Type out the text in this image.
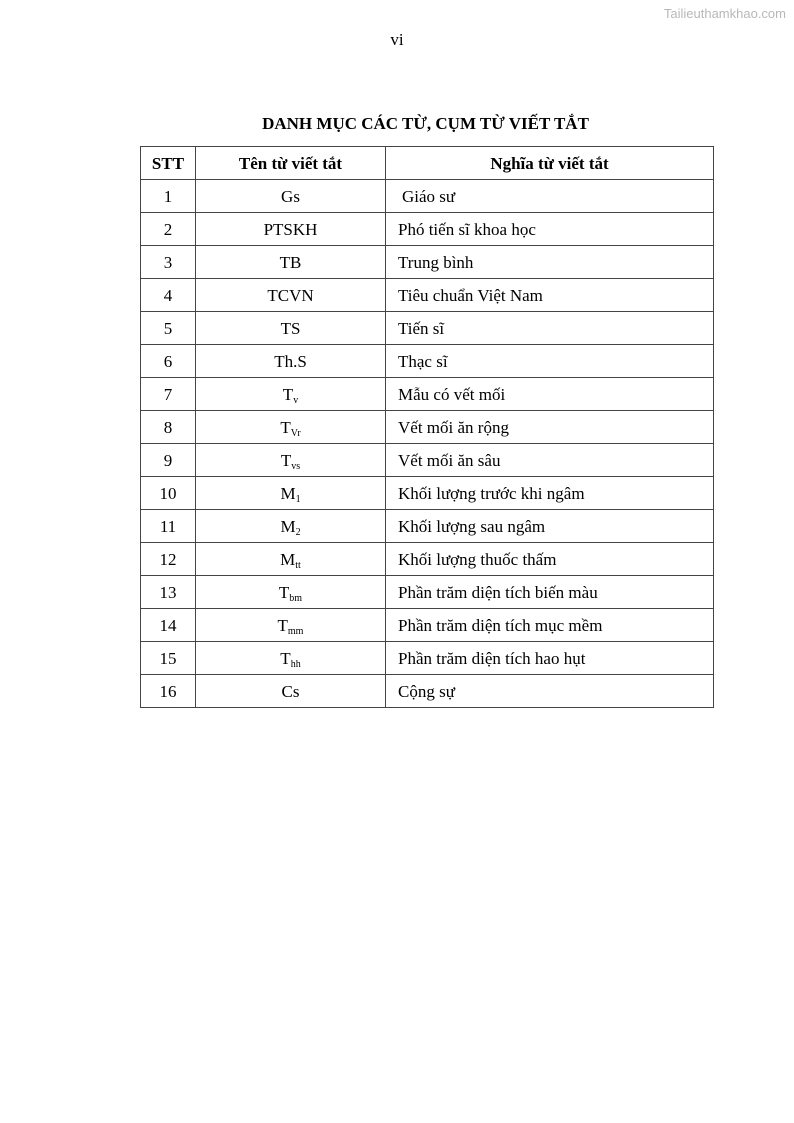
Tailieuthamkhao.com
vi
DANH MỤC CÁC TỪ, CỤM TỪ VIẾT TẮT
STT	Tên từ viết tắt	Nghĩa từ viết tắt
1	Gs	Giáo sư
2	PTSKH	Phó tiến sĩ khoa học
3	TB	Trung bình
4	TCVN	Tiêu chuẩn Việt Nam
5	TS	Tiến sĩ
6	Th.S	Thạc sĩ
7	$T_v$	Mẫu có vết mối
8	$T_{Vr}$	Vết mối ăn rộng
9	$T_{vs}$	Vết mối ăn sâu
10	$M_1$	Khối lượng trước khi ngâm
11	$M_2$	Khối lượng sau ngâm
12	$M_{tt}$	Khối lượng thuốc thấm
13	$T_{bm}$	Phần trăm diện tích biến màu
14	$T_{mm}$	Phần trăm diện tích mục mềm
15	$T_{hh}$	Phần trăm diện tích hao hụt
16	Cs	Cộng sự
